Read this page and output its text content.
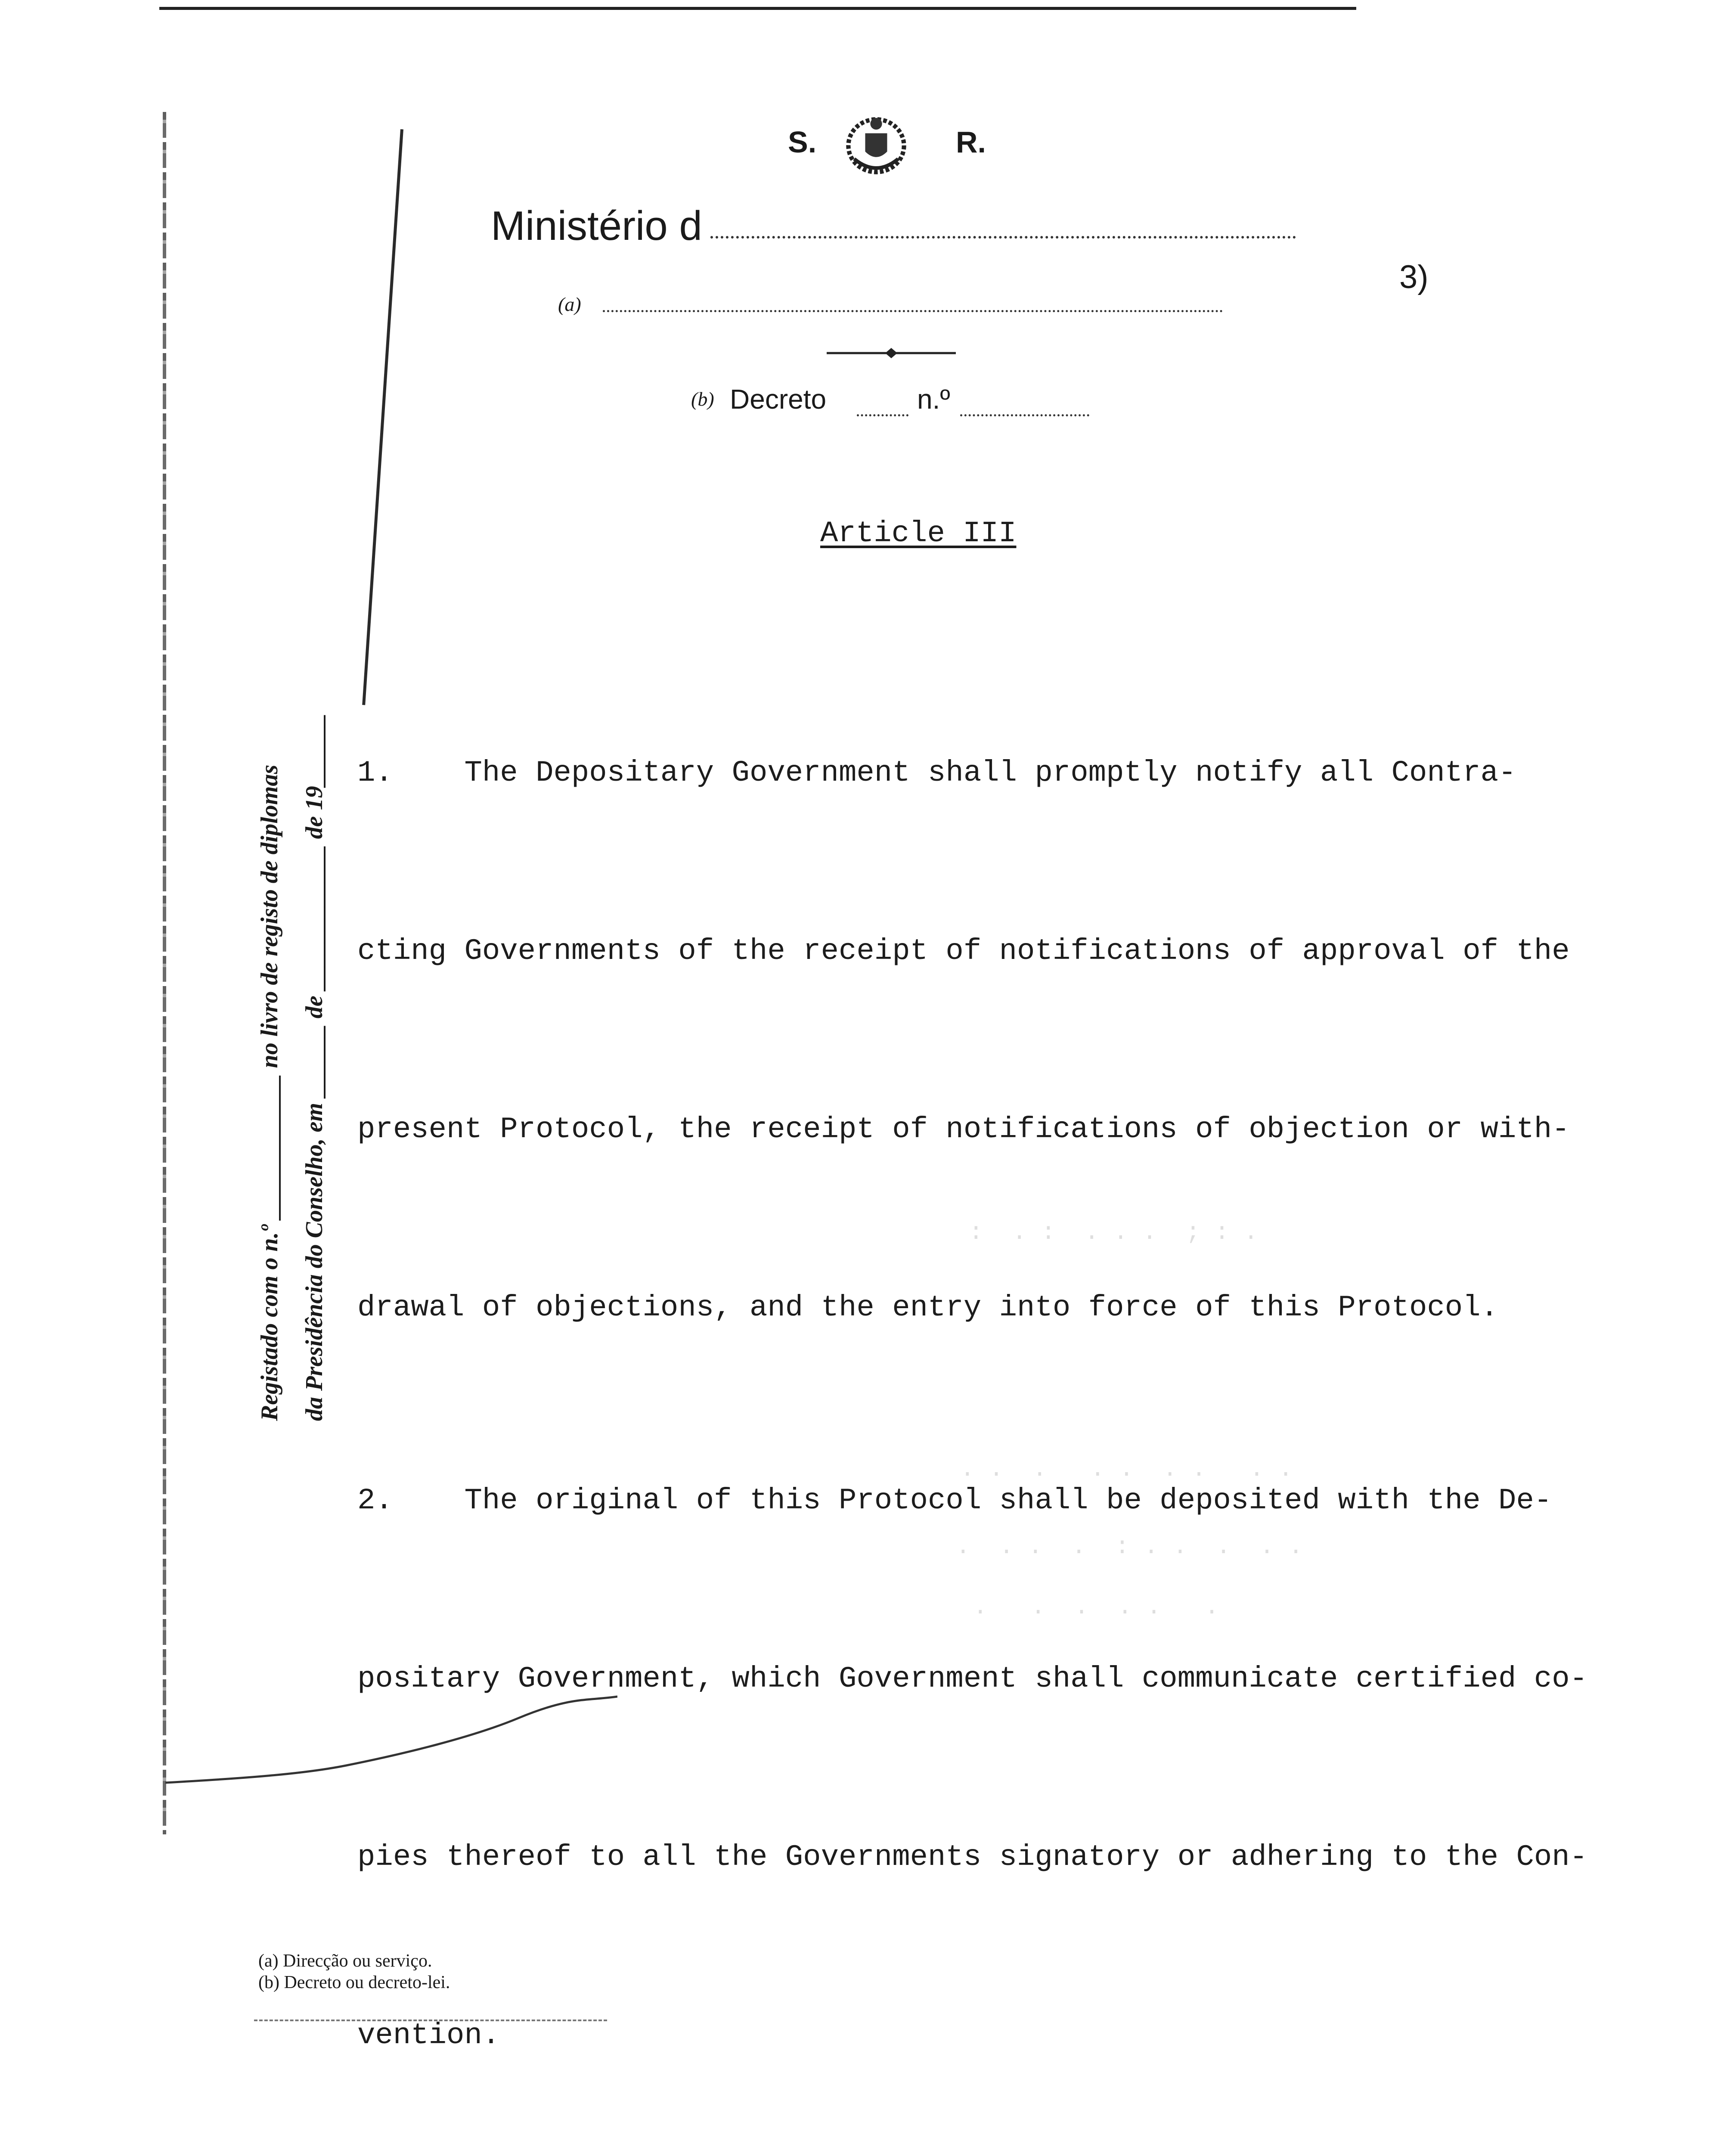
S.	R.
Ministério d
(a)
(b) Decreto	n.º
3)
Registado com o n.º ____________ no livro de registo de diplomas da Presidência do Conselho, em ______ de ____________ de 19______
Article III

1.    The Depositary Government shall promptly notify all Contra-

cting Governments of the receipt of notifications of approval of the

present Protocol, the receipt of notifications of objection or with-

drawal of objections, and the entry into force of this Protocol.

2.    The original of this Protocol shall be deposited with the De-

positary Government, which Government shall communicate certified co-

pies thereof to all the Governments signatory or adhering to the Con-

vention.

:  . :  . . .  ; : .
. .  .   . .  . .   . .
.  . .  .  : . .  .  . .
.   .  .  . .   .
(a) Direcção ou serviço.
(b) Decreto ou decreto-lei.
